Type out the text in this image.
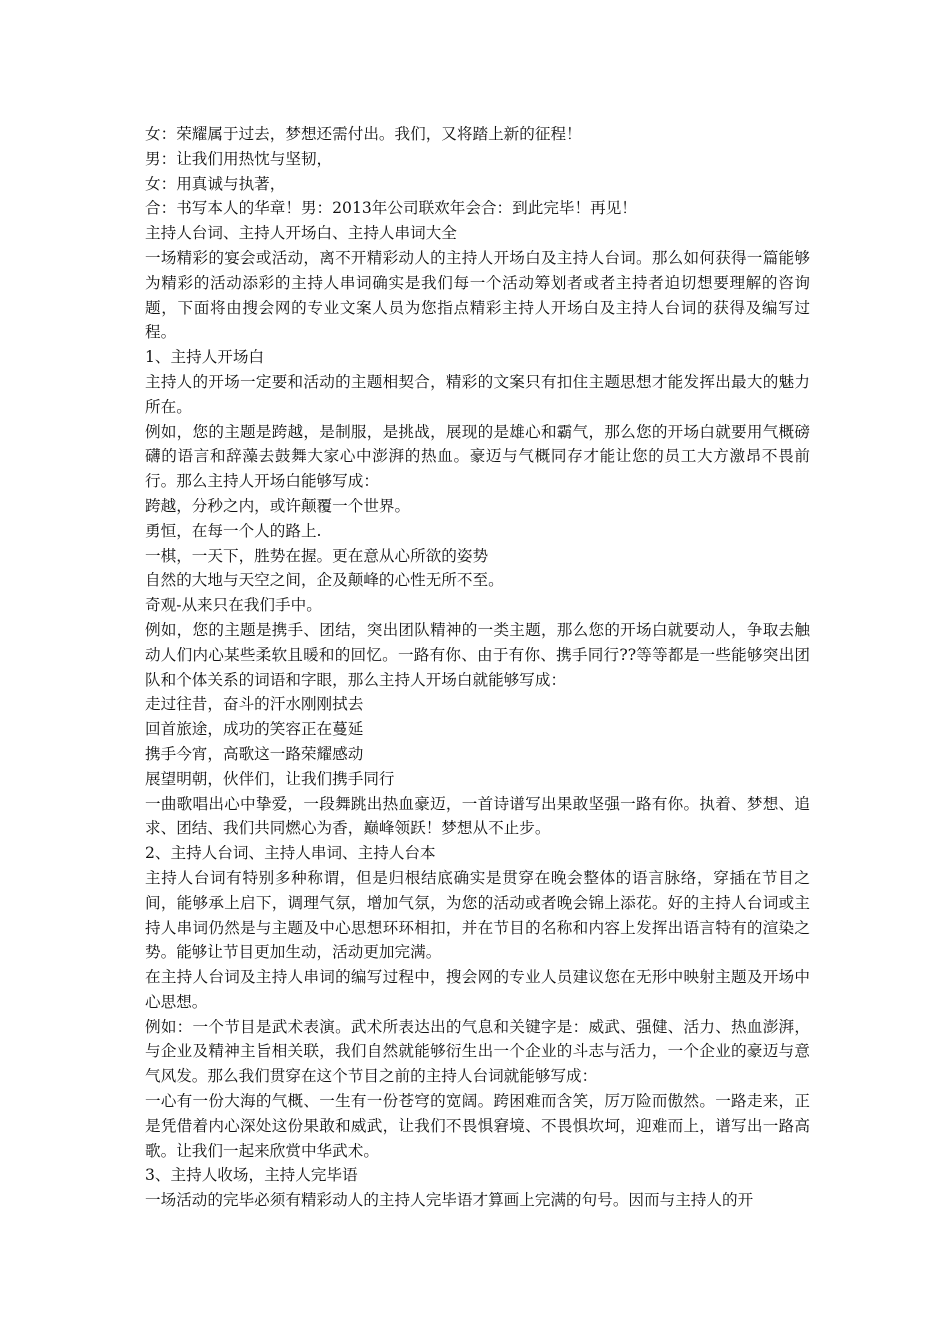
女：荣耀属于过去，梦想还需付出。我们，又将踏上新的征程！

男：让我们用热忱与坚韧，

女：用真诚与执著，

合：书写本人的华章！男：2013年公司联欢年会合：到此完毕！再见！

主持人台词、主持人开场白、主持人串词大全

一场精彩的宴会或活动，离不开精彩动人的主持人开场白及主持人台词。那么如何获得一篇能够为精彩的活动添彩的主持人串词确实是我们每一个活动筹划者或者主持者迫切想要理解的咨询题，下面将由搜会网的专业文案人员为您指点精彩主持人开场白及主持人台词的获得及编写过程。

1、主持人开场白

主持人的开场一定要和活动的主题相契合，精彩的文案只有扣住主题思想才能发挥出最大的魅力所在。

例如，您的主题是跨越，是制服，是挑战，展现的是雄心和霸气，那么您的开场白就要用气概磅礴的语言和辞藻去鼓舞大家心中澎湃的热血。豪迈与气概同存才能让您的员工大方激昂不畏前行。那么主持人开场白能够写成：

跨越，分秒之内，或许颠覆一个世界。

勇恒，在每一个人的路上.

一棋，一天下，胜势在握。更在意从心所欲的姿势

自然的大地与天空之间，企及颠峰的心性无所不至。

奇观-从来只在我们手中。

例如，您的主题是携手、团结，突出团队精神的一类主题，那么您的开场白就要动人，争取去触动人们内心某些柔软且暖和的回忆。一路有你、由于有你、携手同行??等等都是一些能够突出团队和个体关系的词语和字眼，那么主持人开场白就能够写成：

走过往昔，奋斗的汗水刚刚拭去

回首旅途，成功的笑容正在蔓延

携手今宵，高歌这一路荣耀感动

展望明朝，伙伴们，让我们携手同行

一曲歌唱出心中挚爱，一段舞跳出热血豪迈，一首诗谱写出果敢坚强一路有你。执着、梦想、追求、团结、我们共同燃心为香，巅峰领跃！梦想从不止步。

2、主持人台词、主持人串词、主持人台本

主持人台词有特别多种称谓，但是归根结底确实是贯穿在晚会整体的语言脉络，穿插在节目之间，能够承上启下，调理气氛，增加气氛，为您的活动或者晚会锦上添花。好的主持人台词或主持人串词仍然是与主题及中心思想环环相扣，并在节目的名称和内容上发挥出语言特有的渲染之势。能够让节目更加生动，活动更加完满。

在主持人台词及主持人串词的编写过程中，搜会网的专业人员建议您在无形中映射主题及开场中心思想。

例如：一个节目是武术表演。武术所表达出的气息和关键字是：威武、强健、活力、热血澎湃，与企业及精神主旨相关联，我们自然就能够衍生出一个企业的斗志与活力，一个企业的豪迈与意气风发。那么我们贯穿在这个节目之前的主持人台词就能够写成：

一心有一份大海的气概、一生有一份苍穹的宽阔。跨困难而含笑，厉万险而傲然。一路走来，正是凭借着内心深处这份果敢和威武，让我们不畏惧窘境、不畏惧坎坷，迎难而上，谱写出一路高歌。让我们一起来欣赏中华武术。

3、主持人收场，主持人完毕语

一场活动的完毕必须有精彩动人的主持人完毕语才算画上完满的句号。因而与主持人的开
